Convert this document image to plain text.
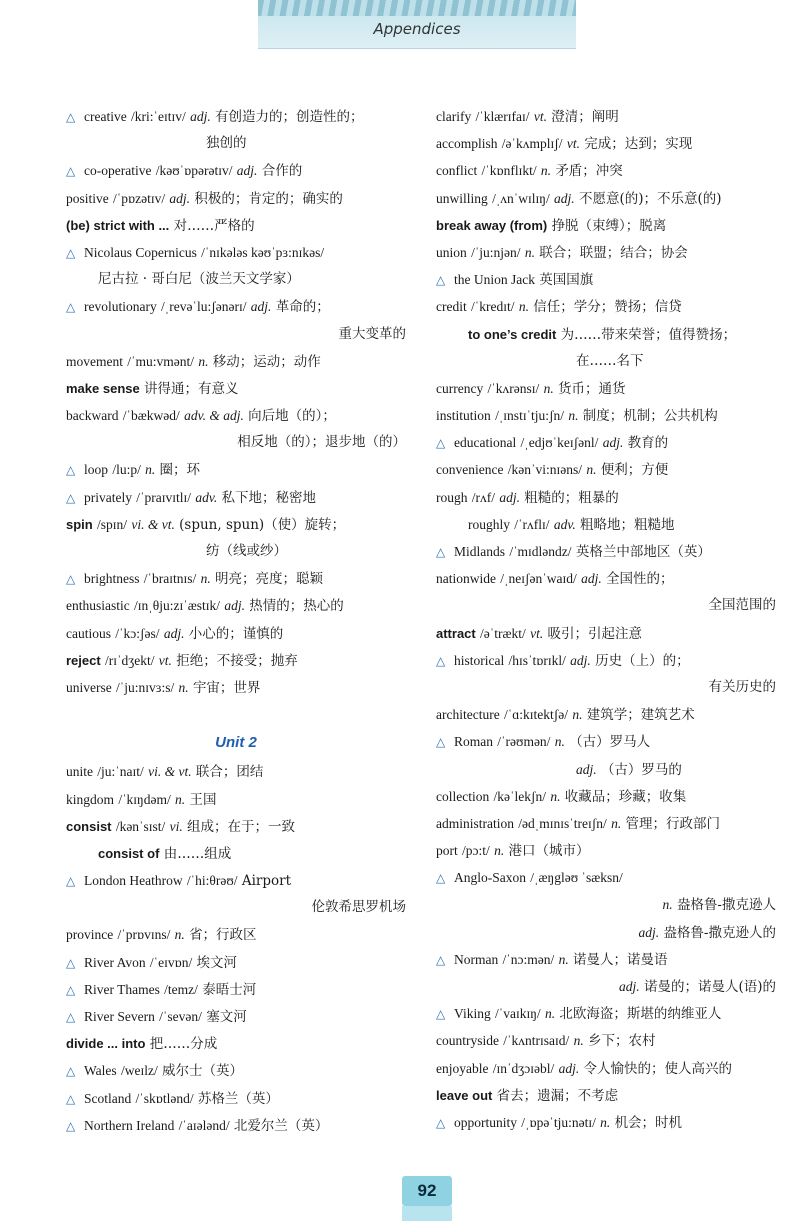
Appendices
△ creative /kri:ˈeɪtɪv/ adj. 有创造力的；创造性的；
独创的
△ co-operative /kəʊˈɒpərətɪv/ adj. 合作的
positive /ˈpɒzətɪv/ adj. 积极的；肯定的；确实的
(be) strict with ... 对……严格的
△ Nicolaus Copernicus /ˈnɪkələs kəʊˈpɜ:nɪkəs/
尼古拉 · 哥白尼（波兰天文学家）
△ revolutionary /ˌrevəˈlu:ʃənərɪ/ adj. 革命的；
重大变革的
movement /ˈmu:vmənt/ n. 移动；运动；动作
make sense 讲得通；有意义
backward /ˈbækwəd/ adv. & adj. 向后地（的）；
相反地（的）；退步地（的）
△ loop /lu:p/ n. 圈；环
△ privately /ˈpraɪvɪtlɪ/ adv. 私下地；秘密地
spin /spɪn/ vi. & vt. (spun, spun)（使）旋转；
纺（线或纱）
△ brightness /ˈbraɪtnɪs/ n. 明亮；亮度；聪颖
enthusiastic /ɪnˌθju:zɪˈæstɪk/ adj. 热情的；热心的
cautious /ˈkɔ:ʃəs/ adj. 小心的；谨慎的
reject /rɪˈdʒekt/ vt. 拒绝；不接受；抛弃
universe /ˈju:nɪvɜ:s/ n. 宇宙；世界
Unit 2
unite /ju:ˈnaɪt/ vi. & vt. 联合；团结
kingdom /ˈkɪŋdəm/ n. 王国
consist /kənˈsɪst/ vi. 组成；在于；一致
consist of 由……组成
△ London Heathrow /ˈhi:θrəʊ/ Airport
伦敦希思罗机场
province /ˈprɒvɪns/ n. 省；行政区
△ River Avon /ˈeɪvɒn/ 埃文河
△ River Thames /temz/ 泰晤士河
△ River Severn /ˈsevən/ 塞文河
divide ... into 把……分成
△ Wales /weɪlz/ 威尔士（英）
△ Scotland /ˈskɒtlənd/ 苏格兰（英）
△ Northern Ireland /ˈaɪələnd/ 北爱尔兰（英）
clarify /ˈklærɪfaɪ/ vt. 澄清；阐明
accomplish /əˈkʌmplɪʃ/ vt. 完成；达到；实现
conflict /ˈkɒnflɪkt/ n. 矛盾；冲突
unwilling /ˌʌnˈwɪlɪŋ/ adj. 不愿意(的)；不乐意(的)
break away (from) 挣脱（束缚）；脱离
union /ˈju:njən/ n. 联合；联盟；结合；协会
△ the Union Jack 英国国旗
credit /ˈkredɪt/ n. 信任；学分；赞扬；信贷
to one’s credit 为……带来荣誉；值得赞扬；
在……名下
currency /ˈkʌrənsɪ/ n. 货币；通货
institution /ˌɪnstɪˈtju:ʃn/ n. 制度；机制；公共机构
△ educational /ˌedjʊˈkeɪʃənl/ adj. 教育的
convenience /kənˈvi:nɪəns/ n. 便利；方便
rough /rʌf/ adj. 粗糙的；粗暴的
roughly /ˈrʌflɪ/ adv. 粗略地；粗糙地
△ Midlands /ˈmɪdləndz/ 英格兰中部地区（英）
nationwide /ˌneɪʃənˈwaɪd/ adj. 全国性的；
全国范围的
attract /əˈtrækt/ vt. 吸引；引起注意
△ historical /hɪsˈtɒrɪkl/ adj. 历史（上）的；
有关历史的
architecture /ˈɑ:kɪtektʃə/ n. 建筑学；建筑艺术
△ Roman /ˈrəʊmən/ n. （古）罗马人
adj. （古）罗马的
collection /kəˈlekʃn/ n. 收藏品；珍藏；收集
administration /ədˌmɪnɪsˈtreɪʃn/ n. 管理；行政部门
port /pɔ:t/ n. 港口（城市）
△ Anglo-Saxon /ˌæŋgləʊ ˈsæksn/
n. 盎格鲁-撒克逊人
adj. 盎格鲁-撒克逊人的
△ Norman /ˈnɔ:mən/ n. 诺曼人；诺曼语
adj. 诺曼的；诺曼人(语)的
△ Viking /ˈvaɪkɪŋ/ n. 北欧海盗；斯堪的纳维亚人
countryside /ˈkʌntrɪsaɪd/ n. 乡下；农村
enjoyable /ɪnˈdʒɔɪəbl/ adj. 令人愉快的；使人高兴的
leave out 省去；遗漏；不考虑
△ opportunity /ˌɒpəˈtju:nətɪ/ n. 机会；时机
92
